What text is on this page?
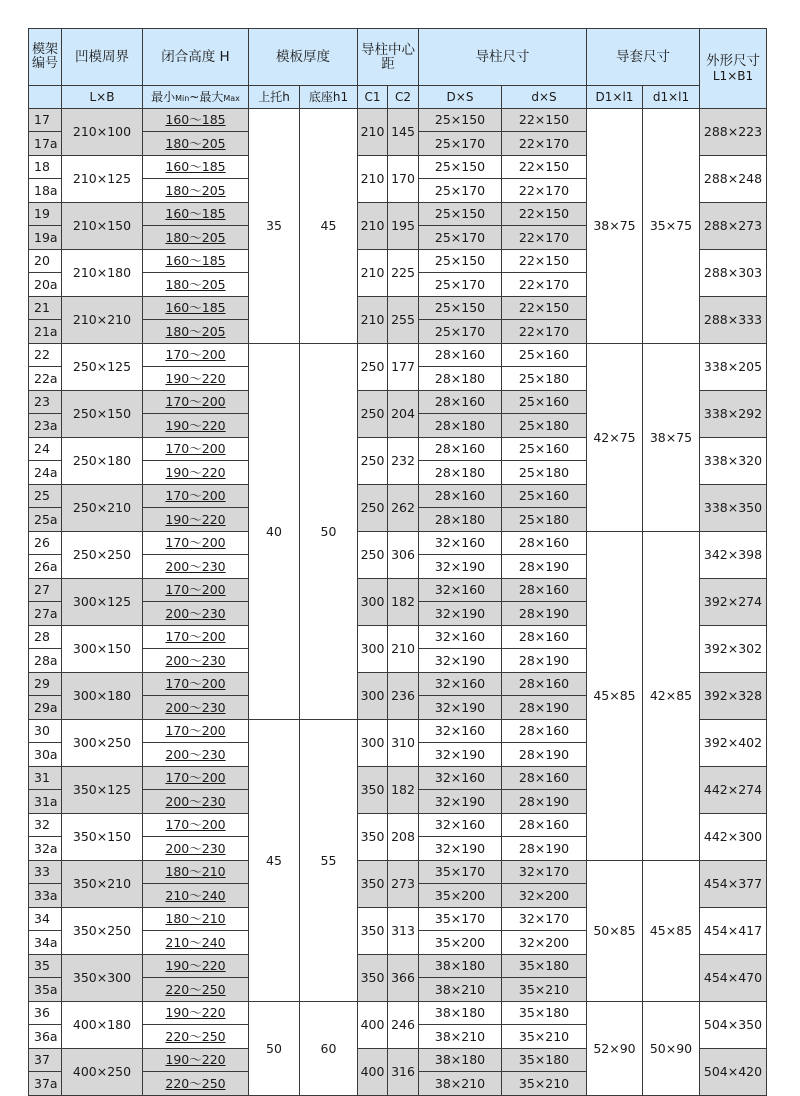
模架编号	凹模周界	闭合高度 H	模板厚度		导柱中心距		导柱尺寸		导套尺寸		外形尺寸
L1×B1
	L×B	最小Min~最大Max	上托h	底座h1	C1	C2	D×S	d×S	D1×l1	d1×l1	
17	210×100	160～185	35	45	210	145	25×150	22×150	38×75	35×75	288×223
17a		180～205					25×170	22×170			
18	210×125	160～185			210	170	25×150	22×150			288×248
18a		180～205					25×170	22×170			
19	210×150	160～185			210	195	25×150	22×150			288×273
19a		180～205					25×170	22×170			
20	210×180	160～185			210	225	25×150	22×150			288×303
20a		180～205					25×170	22×170			
21	210×210	160～185			210	255	25×150	22×150			288×333
21a		180～205					25×170	22×170			
22	250×125	170～200	40	50	250	177	28×160	25×160	42×75	38×75	338×205
22a		190～220					28×180	25×180			
23	250×150	170～200			250	204	28×160	25×160			338×292
23a		190～220					28×180	25×180			
24	250×180	170～200			250	232	28×160	25×160			338×320
24a		190～220					28×180	25×180			
25	250×210	170～200			250	262	28×160	25×160			338×350
25a		190～220					28×180	25×180			
26	250×250	170～200			250	306	32×160	28×160	45×85	42×85	342×398
26a		200～230					32×190	28×190			
27	300×125	170～200			300	182	32×160	28×160			392×274
27a		200～230					32×190	28×190			
28	300×150	170～200			300	210	32×160	28×160			392×302
28a		200～230					32×190	28×190			
29	300×180	170～200			300	236	32×160	28×160			392×328
29a		200～230					32×190	28×190			
30	300×250	170～200	45	55	300	310	32×160	28×160			392×402
30a		200～230					32×190	28×190			
31	350×125	170～200			350	182	32×160	28×160			442×274
31a		200～230					32×190	28×190			
32	350×150	170～200			350	208	32×160	28×160			442×300
32a		200～230					32×190	28×190			
33	350×210	180～210			350	273	35×170	32×170	50×85	45×85	454×377
33a		210～240					35×200	32×200			
34	350×250	180～210			350	313	35×170	32×170			454×417
34a		210～240					35×200	32×200			
35	350×300	190～220			350	366	38×180	35×180			454×470
35a		220～250					38×210	35×210			
36	400×180	190～220	50	60	400	246	38×180	35×180	52×90	50×90	504×350
36a		220～250					38×210	35×210			
37	400×250	190～220			400	316	38×180	35×180			504×420
37a		220～250					38×210	35×210			
